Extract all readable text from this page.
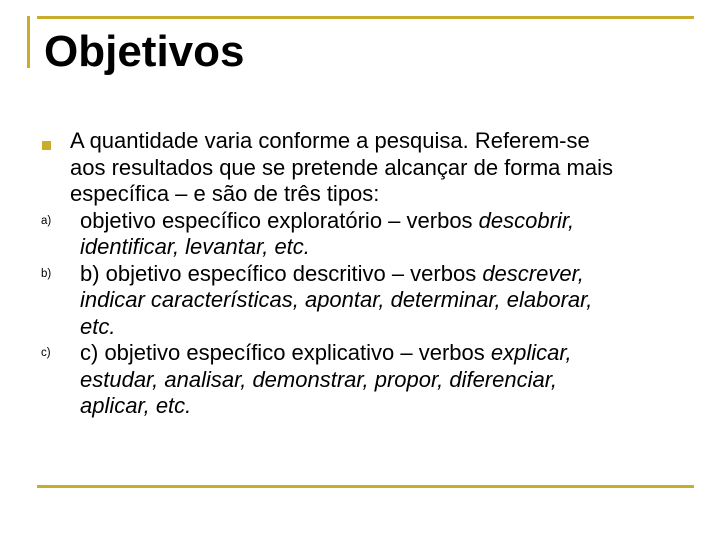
Objetivos
A quantidade varia conforme a pesquisa. Referem-se
aos resultados que se pretende alcançar de forma mais
específica – e são de três tipos:
a) objetivo específico exploratório – verbos descobrir,
identificar, levantar, etc.
b) b) objetivo específico descritivo – verbos descrever,
indicar características, apontar, determinar, elaborar,
etc.
c) c) objetivo específico explicativo – verbos explicar,
estudar, analisar, demonstrar, propor, diferenciar,
aplicar, etc.
